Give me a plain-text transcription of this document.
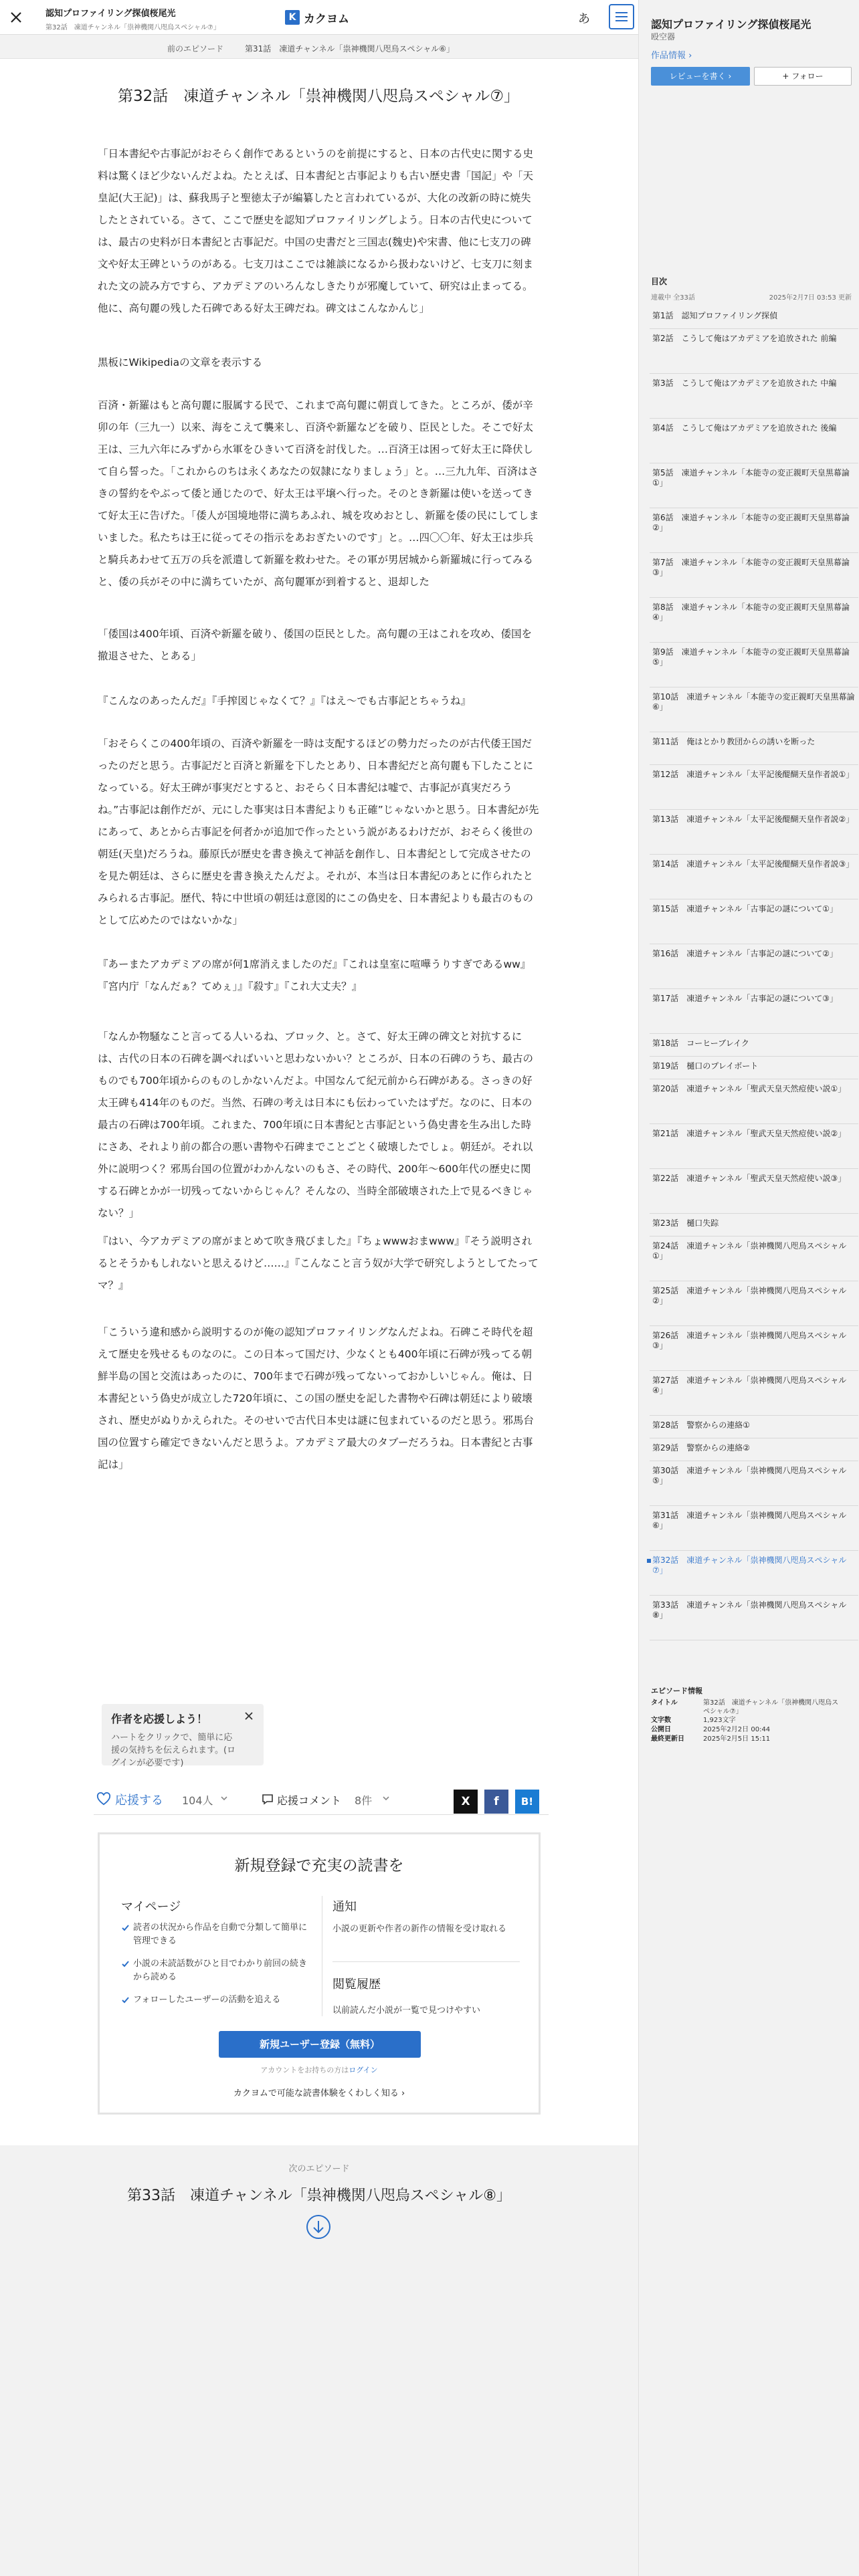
認知プロファイリング探偵桜尾光
第32話　凍道チャンネル「祟神機関八咫烏スペシャル⑦」
K カクヨム	あ
前のエピソード	第31話　凍道チャンネル「祟神機関八咫烏スペシャル⑥」
第32話　凍道チャンネル「祟神機関八咫烏スペシャル⑦」

「日本書紀や古事記がおそらく創作であるというのを前提にすると、日本の古代史に関する史料は驚くほど少ないんだよね。たとえば、日本書紀と古事記よりも古い歴史書「国記」や「天皇記(大王記)」は、蘇我馬子と聖徳太子が編纂したと言われているが、大化の改新の時に焼失したとされている。さて、ここで歴史を認知プロファイリングしよう。日本の古代史については、最古の史料が日本書紀と古事記だ。中国の史書だと三国志(魏史)や宋書、他に七支刀の碑文や好太王碑というのがある。七支刀はここでは雑談になるから扱わないけど、七支刀に刻まれた文の読み方ですら、アカデミアのいろんなしきたりが邪魔していて、研究は止まってる。他に、高句麗の残した石碑である好太王碑だね。碑文はこんなかんじ」

黒板にWikipediaの文章を表示する

百済・新羅はもと高句麗に服属する民で、これまで高句麗に朝貢してきた。ところが、倭が辛卯の年（三九一）以来、海をこえて襲来し、百済や新羅などを破り、臣民とした。そこで好太王は、三九六年にみずから水軍をひきいて百済を討伐した。…百済王は困って好太王に降伏して自ら誓った。「これからのちは永くあなたの奴隷になりましょう」と。…三九九年、百済はさきの誓約をやぶって倭と通じたので、好太王は平壌へ行った。そのとき新羅は使いを送ってきて好太王に告げた。「倭人が国境地帯に満ちあふれ、城を攻めおとし、新羅を倭の民にしてしまいました。私たちは王に従ってその指示をあおぎたいのです」と。…四〇〇年、好太王は歩兵と騎兵あわせて五万の兵を派遣して新羅を救わせた。その軍が男居城から新羅城に行ってみると、倭の兵がその中に満ちていたが、高句麗軍が到着すると、退却した

「倭国は400年頃、百済や新羅を破り、倭国の臣民とした。高句麗の王はこれを攻め、倭国を撤退させた、とある」

『こんなのあったんだ』『手搾図じゃなくて？』『はえ〜でも古事記とちゃうね』

「おそらくこの400年頃の、百済や新羅を一時は支配するほどの勢力だったのが古代倭王国だったのだと思う。古事記だと百済と新羅を下したとあり、日本書紀だと高句麗も下したことになっている。好太王碑が事実だとすると、おそらく日本書紀は嘘で、古事記が真実だろうね。”古事記は創作だが、元にした事実は日本書紀よりも正確”じゃないかと思う。日本書紀が先にあって、あとから古事記を何者かが追加で作ったという説があるわけだが、おそらく後世の朝廷(天皇)だろうね。藤原氏が歴史を書き換えて神話を創作し、日本書紀として完成させたのを見た朝廷は、さらに歴史を書き換えたんだよ。それが、本当は日本書紀のあとに作られたとみられる古事記。歴代、特に中世頃の朝廷は意図的にこの偽史を、日本書紀よりも最古のものとして広めたのではないかな」

『あーまたアカデミアの席が何1席消えましたのだ』『これは皇室に喧嘩うりすぎであるww』『宮内庁「なんだぁ？てめぇ」』『殺す』『これ大丈夫？』

「なんか物騒なこと言ってる人いるね、ブロック、と。さて、好太王碑の碑文と対抗するには、古代の日本の石碑を調べればいいと思わないかい？ところが、日本の石碑のうち、最古のものでも700年頃からのものしかないんだよ。中国なんて紀元前から石碑がある。さっきの好太王碑も414年のものだ。当然、石碑の考えは日本にも伝わっていたはずだ。なのに、日本の最古の石碑は700年頃。これまた、700年頃に日本書紀と古事記という偽史書を生み出した時にさあ、それより前の都合の悪い書物や石碑までことごとく破壊したでしょ。朝廷が。それ以外に説明つく？邪馬台国の位置がわかんないのもさ、その時代、200年〜600年代の歴史に関する石碑とかが一切残ってないからじゃん？そんなの、当時全部破壊された上で見るべきじゃない？」

『はい、今アカデミアの席がまとめて吹き飛びました』『ちょwwwおまwww』『そう説明されるとそうかもしれないと思えるけど……』『こんなこと言う奴が大学で研究しようとしてたってマ？』

「こういう違和感から説明するのが俺の認知プロファイリングなんだよね。石碑こそ時代を超えて歴史を残せるものなのに。この日本って国だけ、少なくとも400年頃に石碑が残ってる朝鮮半島の国と交流はあったのに、700年まで石碑が残ってないっておかしいじゃん。俺は、日本書紀という偽史が成立した720年頃に、この国の歴史を記した書物や石碑は朝廷により破壊され、歴史がぬりかえられた。そのせいで古代日本史は謎に包まれているのだと思う。邪馬台国の位置すら確定できないんだと思うよ。アカデミア最大のタブーだろうね。日本書紀と古事記は」

作者を応援しよう！
ハートをクリックで、簡単に応援の気持ちを伝えられます。(ログインが必要です)
応援する 104人	応援コメント 8件	X	f	B!
新規登録で充実の読書を
マイページ
読者の状況から作品を自動で分類して簡単に管理できる
小説の未読話数がひと目でわかり前回の続きから読める
フォローしたユーザーの活動を追える
通知
小説の更新や作者の新作の情報を受け取れる
閲覧履歴
以前読んだ小説が一覧で見つけやすい
新規ユーザー登録（無料）
アカウントをお持ちの方はログイン
カクヨムで可能な読書体験をくわしく知る ›
次のエピソード
第33話　凍道チャンネル「祟神機関八咫烏スペシャル⑧」
認知プロファイリング探偵桜尾光
殴空器
作品情報 ›
レビューを書く ›	+ フォロー
目次
連載中 全33話	2025年2月7日 03:53 更新
第1話　認知プロファイリング探偵
第2話　こうして俺はアカデミアを追放された 前編
第3話　こうして俺はアカデミアを追放された 中編
第4話　こうして俺はアカデミアを追放された 後編
第5話　凍道チャンネル「本能寺の変正親町天皇黒幕論①」
第6話　凍道チャンネル「本能寺の変正親町天皇黒幕論②」
第7話　凍道チャンネル「本能寺の変正親町天皇黒幕論③」
第8話　凍道チャンネル「本能寺の変正親町天皇黒幕論④」
第9話　凍道チャンネル「本能寺の変正親町天皇黒幕論⑤」
第10話　凍道チャンネル「本能寺の変正親町天皇黒幕論⑥」
第11話　俺はとかり教団からの誘いを断った
第12話　凍道チャンネル「太平記後醍醐天皇作者説①」
第13話　凍道チャンネル「太平記後醍醐天皇作者説②」
第14話　凍道チャンネル「太平記後醍醐天皇作者説③」
第15話　凍道チャンネル「古事記の謎について①」
第16話　凍道チャンネル「古事記の謎について②」
第17話　凍道チャンネル「古事記の謎について③」
第18話　コーヒーブレイク
第19話　樋口のプレイボート
第20話　凍道チャンネル「聖武天皇天然痘使い説①」
第21話　凍道チャンネル「聖武天皇天然痘使い説②」
第22話　凍道チャンネル「聖武天皇天然痘使い説③」
第23話　樋口失踪
第24話　凍道チャンネル「祟神機関八咫烏スペシャル①」
第25話　凍道チャンネル「祟神機関八咫烏スペシャル②」
第26話　凍道チャンネル「祟神機関八咫烏スペシャル③」
第27話　凍道チャンネル「祟神機関八咫烏スペシャル④」
第28話　警察からの連絡①
第29話　警察からの連絡②
第30話　凍道チャンネル「祟神機関八咫烏スペシャル⑤」
第31話　凍道チャンネル「祟神機関八咫烏スペシャル⑥」
第32話　凍道チャンネル「祟神機関八咫烏スペシャル⑦」
第33話　凍道チャンネル「祟神機関八咫烏スペシャル⑧」
エピソード情報
タイトル	第32話　凍道チャンネル「祟神機関八咫烏スペシャル⑦」
文字数	1,923文字
公開日	2025年2月2日 00:44
最終更新日	2025年2月5日 15:11
